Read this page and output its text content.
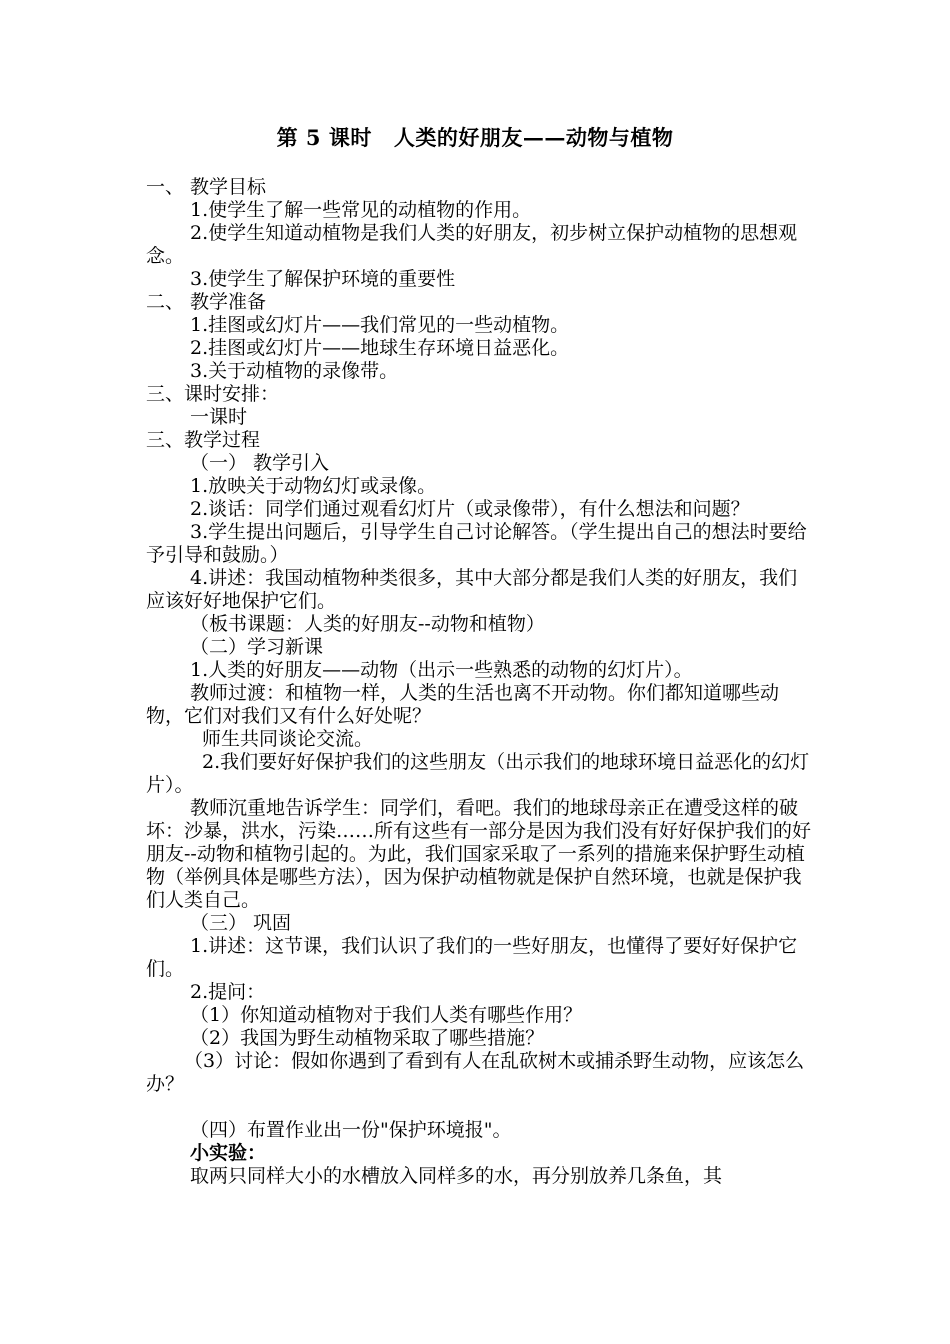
第 5 课时 人类的好朋友——动物与植物

一、 教学目标

1.使学生了解一些常见的动植物的作用。

2.使学生知道动植物是我们人类的好朋友，初步树立保护动植物的思想观念。

3.使学生了解保护环境的重要性

二、 教学准备

1.挂图或幻灯片——我们常见的一些动植物。

2.挂图或幻灯片——地球生存环境日益恶化。

3.关于动植物的录像带。

三、课时安排：

一课时

三、教学过程

（一） 教学引入

1.放映关于动物幻灯或录像。

2.谈话：同学们通过观看幻灯片（或录像带），有什么想法和问题？

3.学生提出问题后，引导学生自己讨论解答。（学生提出自己的想法时要给予引导和鼓励。）

4.讲述：我国动植物种类很多，其中大部分都是我们人类的好朋友，我们应该好好地保护它们。

（板书课题：人类的好朋友--动物和植物）

（二）学习新课

1.人类的好朋友——动物（出示一些熟悉的动物的幻灯片）。

教师过渡：和植物一样，人类的生活也离不开动物。你们都知道哪些动物，它们对我们又有什么好处呢？

师生共同谈论交流。

2.我们要好好保护我们的这些朋友（出示我们的地球环境日益恶化的幻灯片）。

教师沉重地告诉学生：同学们，看吧。我们的地球母亲正在遭受这样的破坏：沙暴，洪水，污染……所有这些有一部分是因为我们没有好好保护我们的好朋友--动物和植物引起的。为此，我们国家采取了一系列的措施来保护野生动植物（举例具体是哪些方法），因为保护动植物就是保护自然环境，也就是保护我们人类自己。

（三） 巩固

1.讲述：这节课，我们认识了我们的一些好朋友，也懂得了要好好保护它们。

2.提问：

（1）你知道动植物对于我们人类有哪些作用？

（2）我国为野生动植物采取了哪些措施？

（3）讨论：假如你遇到了看到有人在乱砍树木或捕杀野生动物，应该怎么办？

（四）布置作业出一份"保护环境报"。

小实验：

取两只同样大小的水槽放入同样多的水，再分别放养几条鱼，其
